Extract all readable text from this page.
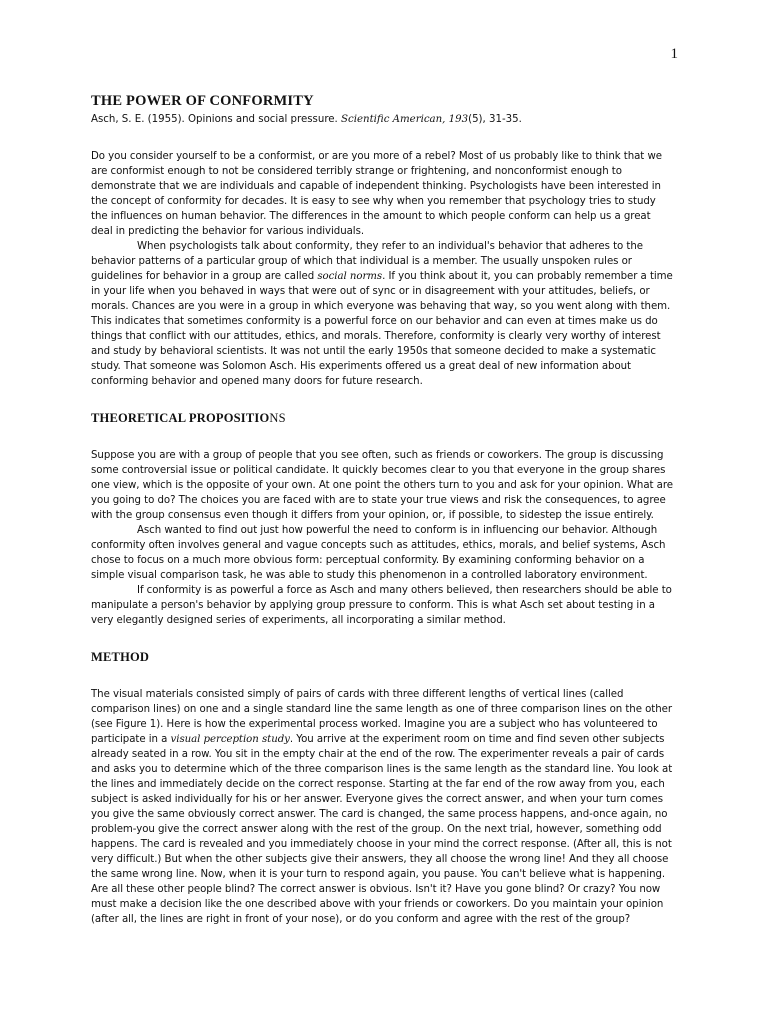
1
THE POWER OF CONFORMITY

Asch, S. E. (1955). Opinions and social pressure. Scientific American, 193(5), 31-35.

Do you consider yourself to be a conformist, or are you more of a rebel? Most of us probably like to think that we are conformist enough to not be considered terribly strange or frightening, and nonconformist enough to demonstrate that we are individuals and capable of independent thinking. Psychologists have been interested in the concept of conformity for decades. It is easy to see why when you remember that psychology tries to study the influences on human behavior. The differences in the amount to which people conform can help us a great deal in predicting the behavior for various individuals.

When psychologists talk about conformity, they refer to an individual's behavior that adheres to the behavior patterns of a particular group of which that individual is a member. The usually unspoken rules or guidelines for behavior in a group are called social norms. If you think about it, you can probably remember a time in your life when you behaved in ways that were out of sync or in disagreement with your attitudes, beliefs, or morals. Chances are you were in a group in which everyone was behaving that way, so you went along with them. This indicates that sometimes conformity is a powerful force on our behavior and can even at times make us do things that conflict with our attitudes, ethics, and morals. Therefore, conformity is clearly very worthy of interest and study by behavioral scientists. It was not until the early 1950s that someone decided to make a systematic study. That someone was Solomon Asch. His experiments offered us a great deal of new information about conforming behavior and opened many doors for future research.

THEORETICAL PROPOSITIONS

Suppose you are with a group of people that you see often, such as friends or coworkers. The group is discussing some controversial issue or political candidate. It quickly becomes clear to you that everyone in the group shares one view, which is the opposite of your own. At one point the others turn to you and ask for your opinion. What are you going to do? The choices you are faced with are to state your true views and risk the consequences, to agree with the group consensus even though it differs from your opinion, or, if possible, to sidestep the issue entirely.

Asch wanted to find out just how powerful the need to conform is in influencing our behavior. Although conformity often involves general and vague concepts such as attitudes, ethics, morals, and belief systems, Asch chose to focus on a much more obvious form: perceptual conformity. By examining conforming behavior on a simple visual comparison task, he was able to study this phenomenon in a controlled laboratory environment.

If conformity is as powerful a force as Asch and many others believed, then researchers should be able to manipulate a person's behavior by applying group pressure to conform. This is what Asch set about testing in a very elegantly designed series of experiments, all incorporating a similar method.

METHOD

The visual materials consisted simply of pairs of cards with three different lengths of vertical lines (called comparison lines) on one and a single standard line the same length as one of three comparison lines on the other (see Figure 1). Here is how the experimental process worked. Imagine you are a subject who has volunteered to participate in a visual perception study. You arrive at the experiment room on time and find seven other subjects already seated in a row. You sit in the empty chair at the end of the row. The experimenter reveals a pair of cards and asks you to determine which of the three comparison lines is the same length as the standard line. You look at the lines and immediately decide on the correct response. Starting at the far end of the row away from you, each subject is asked individually for his or her answer. Everyone gives the correct answer, and when your turn comes you give the same obviously correct answer. The card is changed, the same process happens, and-once again, no problem-you give the correct answer along with the rest of the group. On the next trial, however, something odd happens. The card is revealed and you immediately choose in your mind the correct response. (After all, this is not very difficult.) But when the other subjects give their answers, they all choose the wrong line! And they all choose the same wrong line. Now, when it is your turn to respond again, you pause. You can't believe what is happening. Are all these other people blind? The correct answer is obvious. Isn't it? Have you gone blind? Or crazy? You now must make a decision like the one described above with your friends or coworkers. Do you maintain your opinion (after all, the lines are right in front of your nose), or do you conform and agree with the rest of the group?
